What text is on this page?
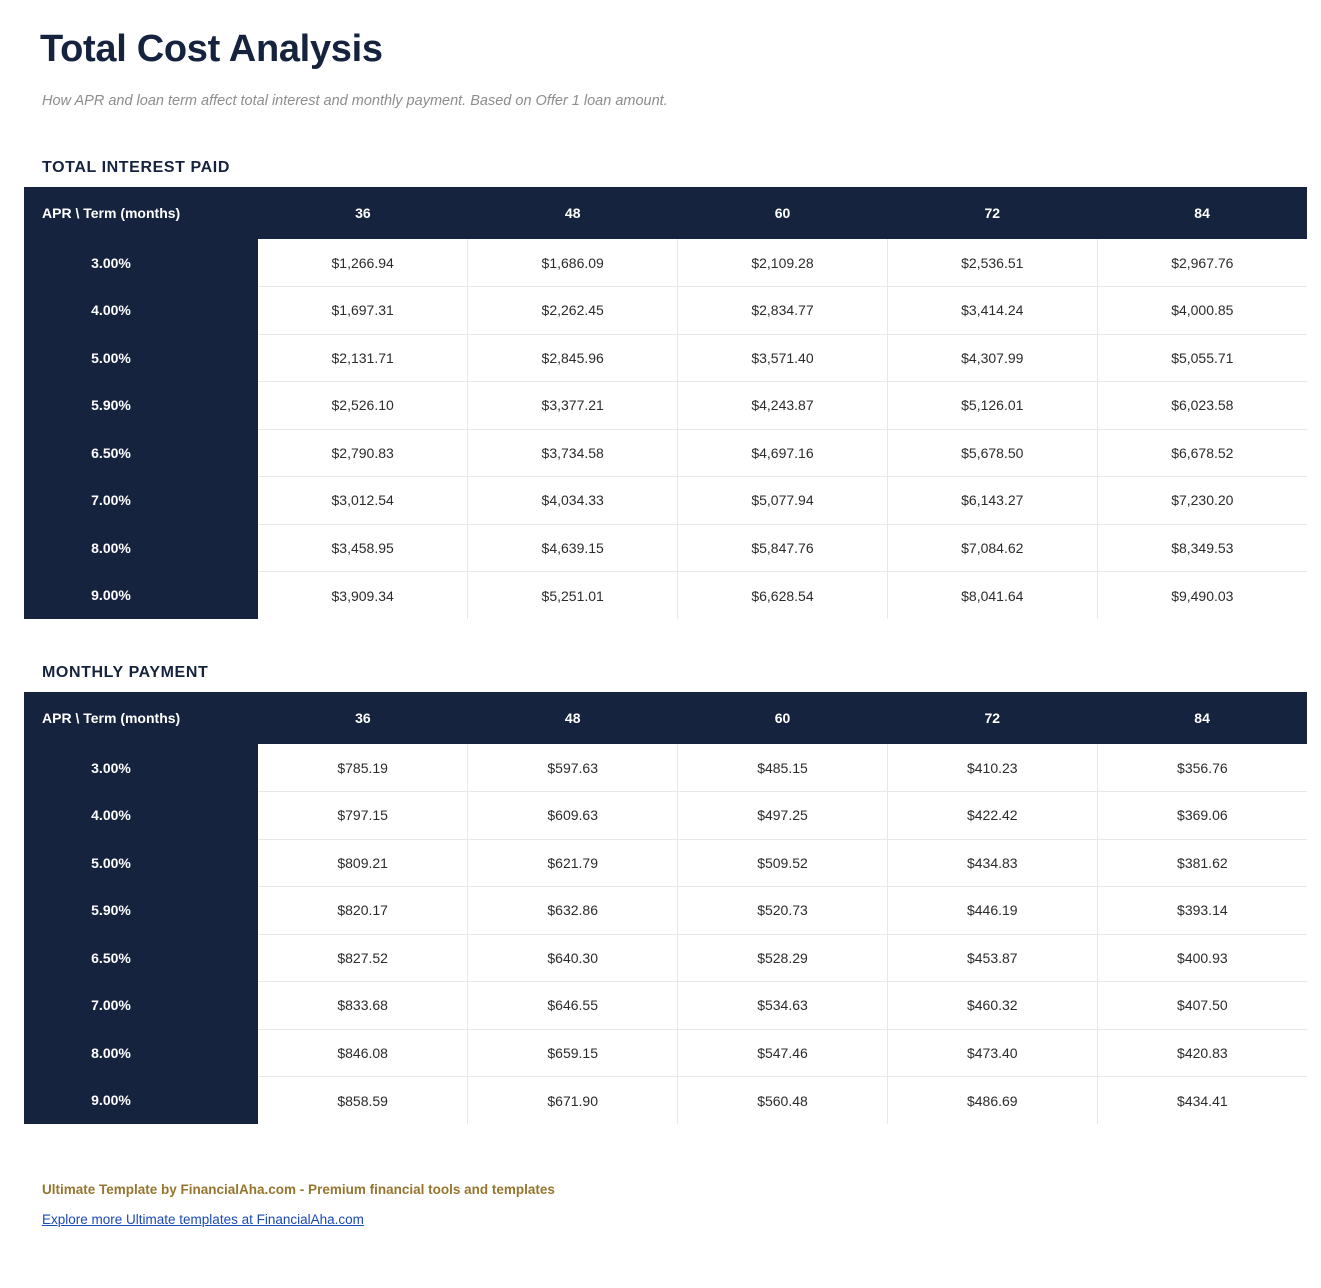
Total Cost Analysis

How APR and loan term affect total interest and monthly payment. Based on Offer 1 loan amount.

TOTAL INTEREST PAID
APR \ Term (months)	36	48	60	72	84
3.00%	$1,266.94	$1,686.09	$2,109.28	$2,536.51	$2,967.76
4.00%	$1,697.31	$2,262.45	$2,834.77	$3,414.24	$4,000.85
5.00%	$2,131.71	$2,845.96	$3,571.40	$4,307.99	$5,055.71
5.90%	$2,526.10	$3,377.21	$4,243.87	$5,126.01	$6,023.58
6.50%	$2,790.83	$3,734.58	$4,697.16	$5,678.50	$6,678.52
7.00%	$3,012.54	$4,034.33	$5,077.94	$6,143.27	$7,230.20
8.00%	$3,458.95	$4,639.15	$5,847.76	$7,084.62	$8,349.53
9.00%	$3,909.34	$5,251.01	$6,628.54	$8,041.64	$9,490.03
MONTHLY PAYMENT
APR \ Term (months)	36	48	60	72	84
3.00%	$785.19	$597.63	$485.15	$410.23	$356.76
4.00%	$797.15	$609.63	$497.25	$422.42	$369.06
5.00%	$809.21	$621.79	$509.52	$434.83	$381.62
5.90%	$820.17	$632.86	$520.73	$446.19	$393.14
6.50%	$827.52	$640.30	$528.29	$453.87	$400.93
7.00%	$833.68	$646.55	$534.63	$460.32	$407.50
8.00%	$846.08	$659.15	$547.46	$473.40	$420.83
9.00%	$858.59	$671.90	$560.48	$486.69	$434.41
Ultimate Template by FinancialAha.com - Premium financial tools and templates
Explore more Ultimate templates at FinancialAha.com
